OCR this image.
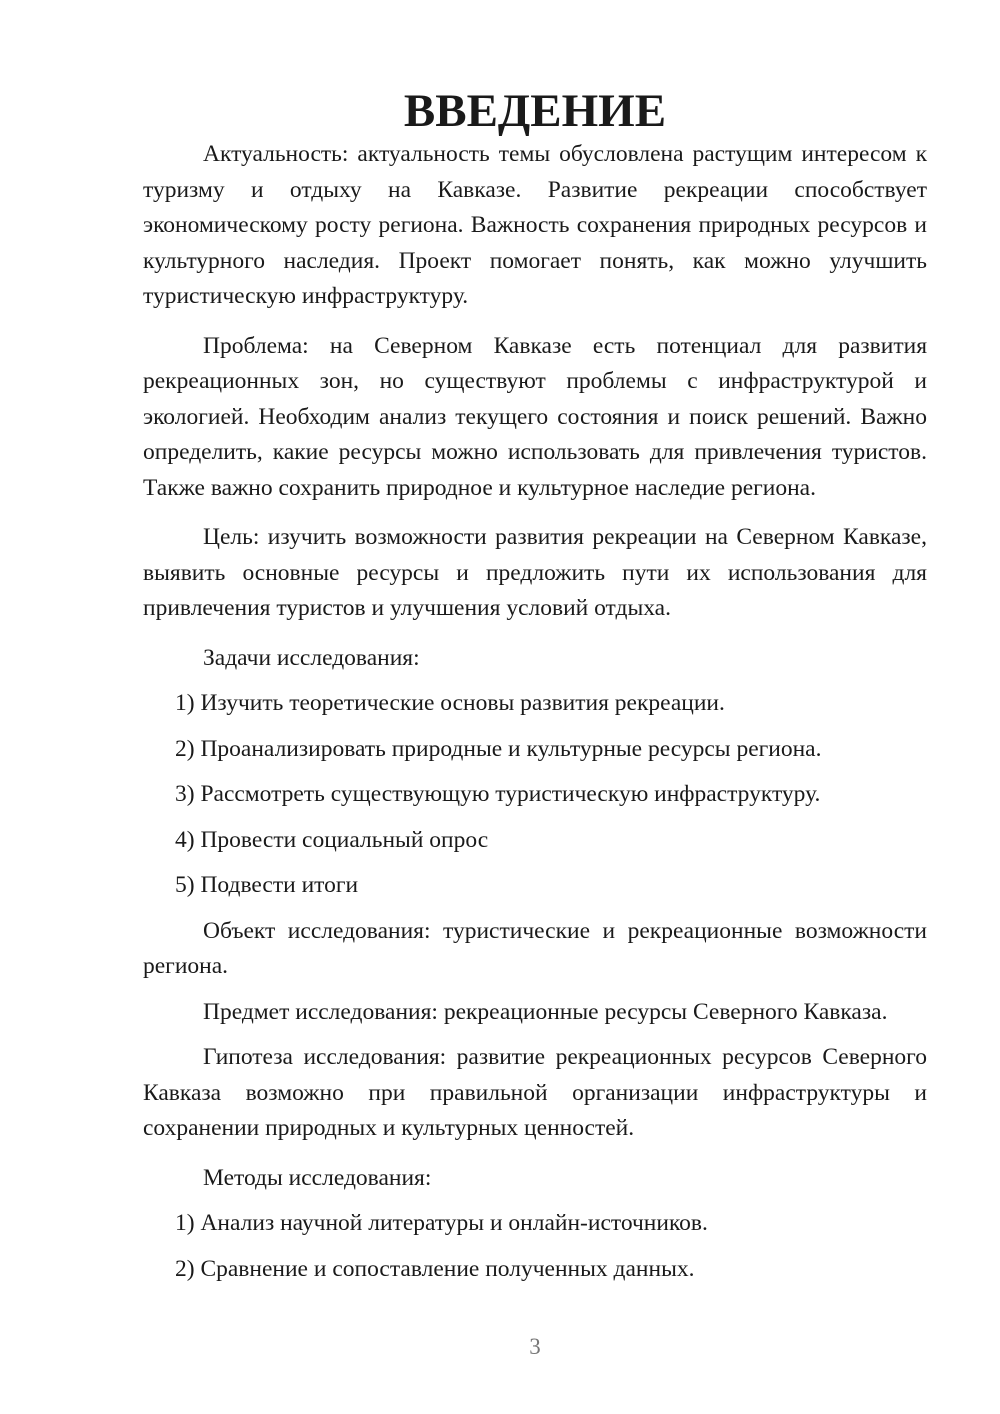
ВВЕДЕНИЕ

Актуальность: актуальность темы обусловлена растущим интересом к туризму и отдыху на Кавказе. Развитие рекреации способствует экономическому росту региона. Важность сохранения природных ресурсов и культурного наследия. Проект помогает понять, как можно улучшить туристическую инфраструктуру.

Проблема: на Северном Кавказе есть потенциал для развития рекреационных зон, но существуют проблемы с инфраструктурой и экологией. Необходим анализ текущего состояния и поиск решений. Важно определить, какие ресурсы можно использовать для привлечения туристов. Также важно сохранить природное и культурное наследие региона.

Цель: изучить возможности развития рекреации на Северном Кавказе, выявить основные ресурсы и предложить пути их использования для привлечения туристов и улучшения условий отдыха.

Задачи исследования:

1) Изучить теоретические основы развития рекреации.
2) Проанализировать природные и культурные ресурсы региона.
3) Рассмотреть существующую туристическую инфраструктуру.
4) Провести социальный опрос
5) Подвести итоги

Объект исследования: туристические и рекреационные возможности региона.

Предмет исследования: рекреационные ресурсы Северного Кавказа.

Гипотеза исследования: развитие рекреационных ресурсов Северного Кавказа возможно при правильной организации инфраструктуры и сохранении природных и культурных ценностей.

Методы исследования:

1) Анализ научной литературы и онлайн-источников.
2) Сравнение и сопоставление полученных данных.
3
